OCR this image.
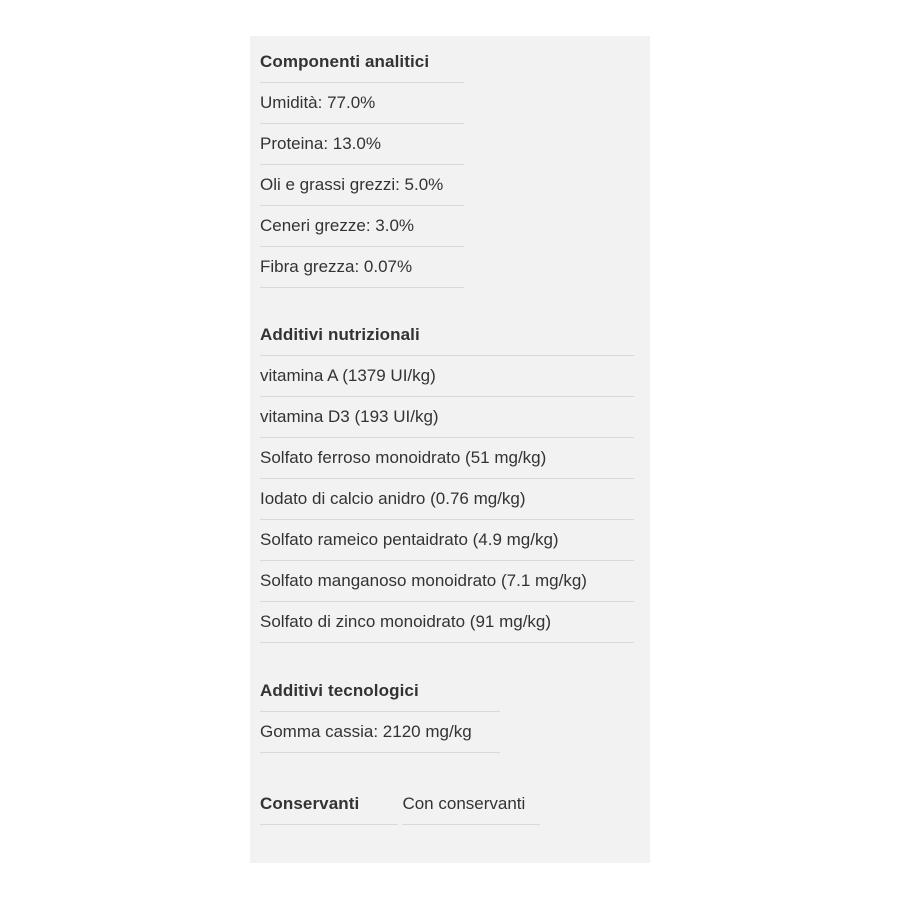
Componenti analitici
Umidità: 77.0%
Proteina: 13.0%
Oli e grassi grezzi: 5.0%
Ceneri grezze: 3.0%
Fibra grezza: 0.07%
Additivi nutrizionali
vitamina A (1379 UI/kg)
vitamina D3 (193 UI/kg)
Solfato ferroso monoidrato (51 mg/kg)
Iodato di calcio anidro (0.76 mg/kg)
Solfato rameico pentaidrato (4.9 mg/kg)
Solfato manganoso monoidrato (7.1 mg/kg)
Solfato di zinco monoidrato (91 mg/kg)
Additivi tecnologici
Gomma cassia: 2120 mg/kg
Conservanti	Con conservanti
